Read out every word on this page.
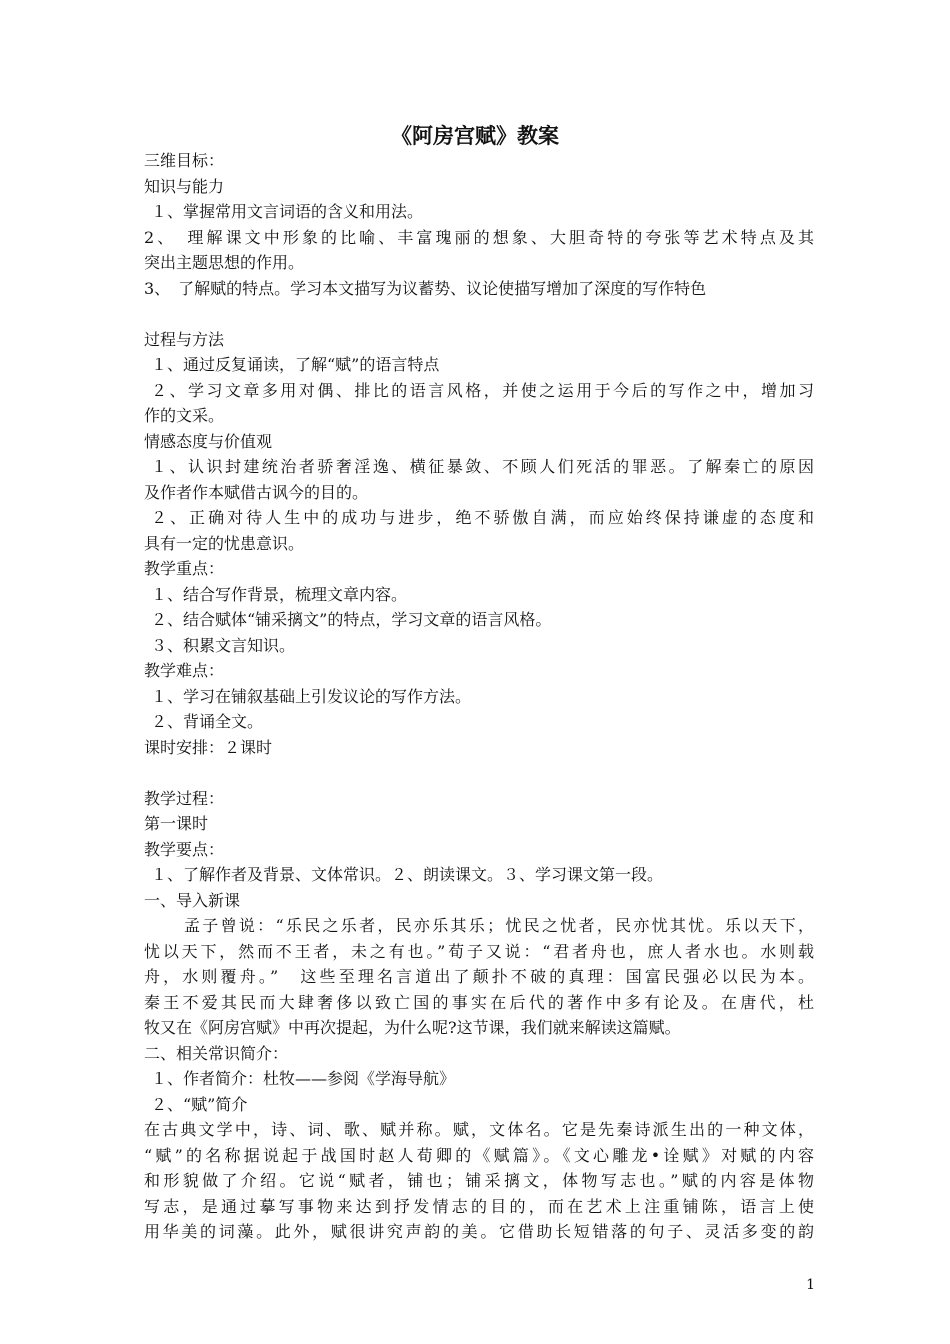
《阿房宫赋》教案
三维目标：
知识与能力
１、掌握常用文言词语的含义和用法。
2、　理解课文中形象的比喻、丰富瑰丽的想象、大胆奇特的夸张等艺术特点及其
突出主题思想的作用。
3、　了解赋的特点。学习本文描写为议蓄势、议论使描写增加了深度的写作特色
过程与方法
１、通过反复诵读，了解“赋”的语言特点
２、学习文章多用对偶、排比的语言风格，并使之运用于今后的写作之中，增加习
作的文采。
情感态度与价值观
１、认识封建统治者骄奢淫逸、横征暴敛、不顾人们死活的罪恶。了解秦亡的原因
及作者作本赋借古讽今的目的。
２、正确对待人生中的成功与进步，绝不骄傲自满，而应始终保持谦虚的态度和
具有一定的忧患意识。
教学重点：
１、结合写作背景，梳理文章内容。
２、结合赋体“铺采摛文”的特点，学习文章的语言风格。
３、积累文言知识。
教学难点：
１、学习在铺叙基础上引发议论的写作方法。
２、背诵全文。
课时安排：２课时
教学过程：
第一课时
教学要点：
１、了解作者及背景、文体常识。２、朗读课文。３、学习课文第一段。
一、导入新课
孟子曾说：“乐民之乐者，民亦乐其乐；忧民之忧者，民亦忧其忧。乐以天下，
忧以天下，然而不王者，未之有也。”荀子又说：“君者舟也，庶人者水也。水则载
舟，水则覆舟。”　这些至理名言道出了颠扑不破的真理：国富民强必以民为本。
秦王不爱其民而大肆奢侈以致亡国的事实在后代的著作中多有论及。在唐代，杜
牧又在《阿房宫赋》中再次提起，为什么呢?这节课，我们就来解读这篇赋。
二、相关常识简介：
１、作者简介：杜牧——参阅《学海导航》
２、“赋”简介
在古典文学中，诗、词、歌、赋并称。赋，文体名。它是先秦诗派生出的一种文体，
“赋”的名称据说起于战国时赵人荀卿的《赋篇》。《文心雕龙•诠赋》对赋的内容
和形貌做了介绍。它说“赋者，铺也；铺采摛文，体物写志也。”赋的内容是体物
写志，是通过摹写事物来达到抒发情志的目的，而在艺术上注重铺陈，语言上使
用华美的词藻。此外，赋很讲究声韵的美。它借助长短错落的句子、灵活多变的韵
1
